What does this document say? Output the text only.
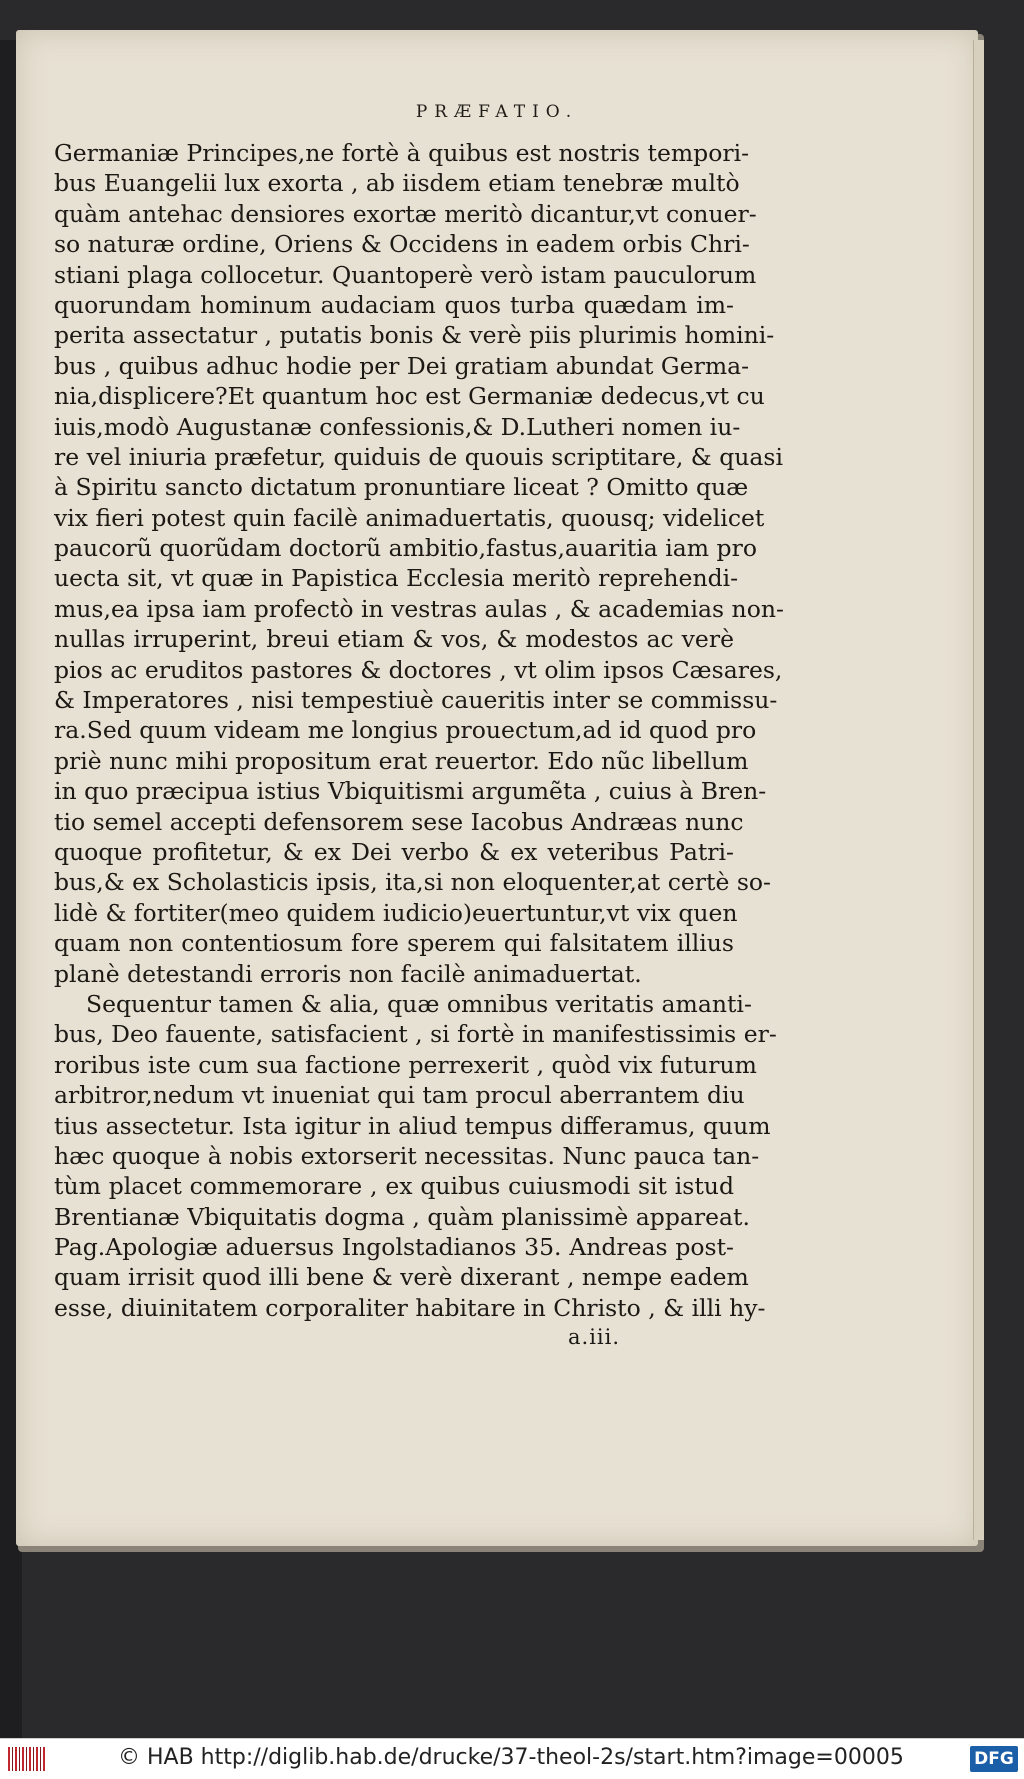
PRÆFATIO.
Germaniæ Principes,ne fortè à quibus est nostris tempori-
bus Euangelii lux exorta , ab iisdem etiam tenebræ multò
quàm antehac densiores exortæ meritò dicantur,vt conuer-
so naturæ ordine, Oriens & Occidens in eadem orbis Chri-
stiani plaga collocetur. Quantoperè verò istam pauculorum
quorundam hominum audaciam quos turba quædam im-
perita assectatur , putatis bonis & verè piis plurimis homini-
bus , quibus adhuc hodie per Dei gratiam abundat Germa-
nia,displicere?Et quantum hoc est Germaniæ dedecus,vt cu
iuis,modò Augustanæ confessionis,& D.Lutheri nomen iu-
re vel iniuria præfetur, quiduis de quouis scriptitare, & quasi
à Spiritu sancto dictatum pronuntiare liceat ? Omitto quæ
vix fieri potest quin facilè animaduertatis, quousq; videlicet
paucorũ quorũdam doctorũ ambitio,fastus,auaritia iam pro
uecta sit, vt quæ in Papistica Ecclesia meritò reprehendi-
mus,ea ipsa iam profectò in vestras aulas , & academias non-
nullas irruperint, breui etiam & vos, & modestos ac verè
pios ac eruditos pastores & doctores , vt olim ipsos Cæsares,
& Imperatores , nisi tempestiuè caueritis inter se commissu-
ra.Sed quum videam me longius prouectum,ad id quod pro
priè nunc mihi propositum erat reuertor. Edo nũc libellum
in quo præcipua istius Vbiquitismi argumẽta , cuius à Bren-
tio semel accepti defensorem sese Iacobus Andræas nunc
quoque profitetur, & ex Dei verbo & ex veteribus Patri-
bus,& ex Scholasticis ipsis, ita,si non eloquenter,at certè so-
lidè & fortiter(meo quidem iudicio)euertuntur,vt vix quen
quam non contentiosum fore sperem qui falsitatem illius
planè detestandi erroris non facilè animaduertat.
Sequentur tamen & alia, quæ omnibus veritatis amanti-
bus, Deo fauente, satisfacient , si fortè in manifestissimis er-
roribus iste cum sua factione perrexerit , quòd vix futurum
arbitror,nedum vt inueniat qui tam procul aberrantem diu
tius assectetur. Ista igitur in aliud tempus differamus, quum
hæc quoque à nobis extorserit necessitas. Nunc pauca tan-
tùm placet commemorare , ex quibus cuiusmodi sit istud
Brentianæ Vbiquitatis dogma , quàm planissimè appareat.
Pag.Apologiæ aduersus Ingolstadianos 35. Andreas post-
quam irrisit quod illi bene & verè dixerant , nempe eadem
esse, diuinitatem corporaliter habitare in Christo , & illi hy-
a.iii.
© HAB http://diglib.hab.de/drucke/37-theol-2s/start.htm?image=00005	DFG
